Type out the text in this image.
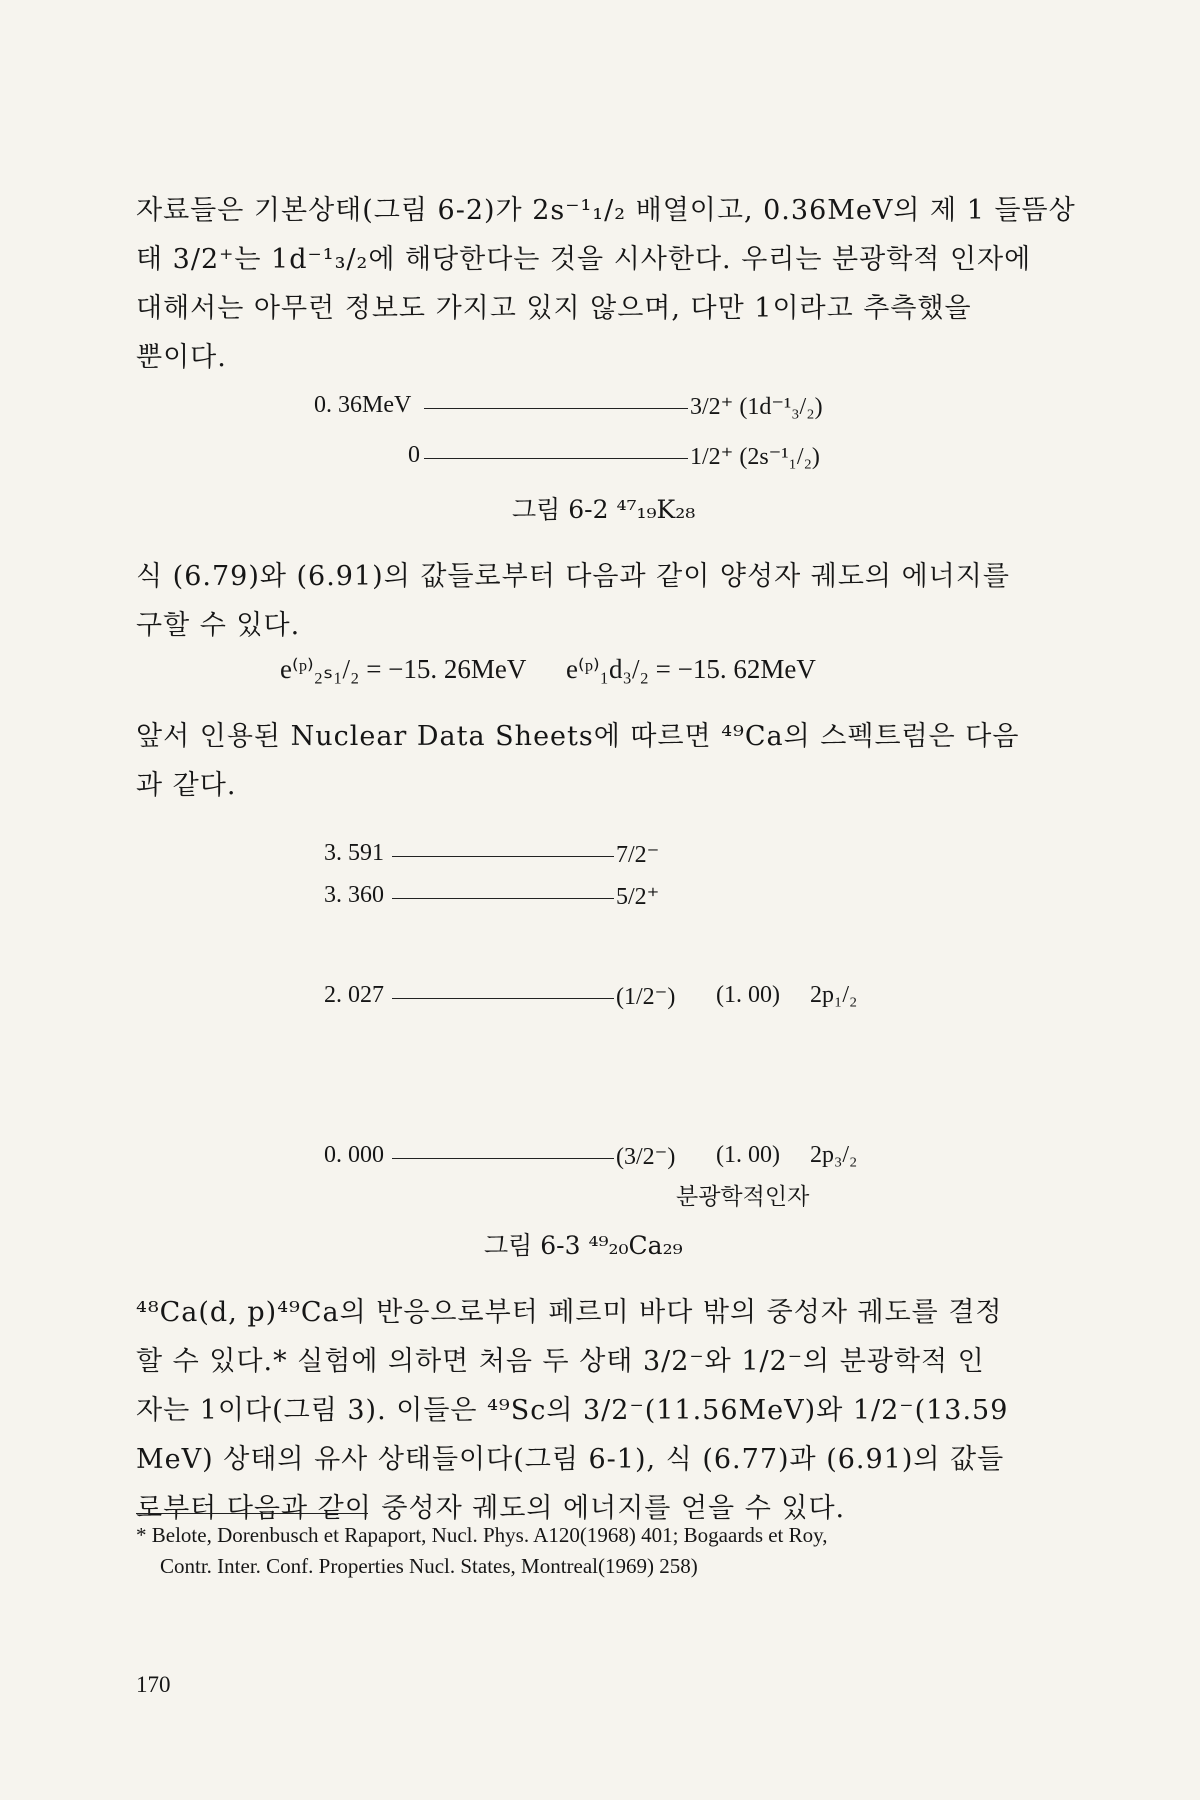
자료들은 기본상태(그림 6-2)가 2s⁻¹₁/₂ 배열이고, 0.36MeV의 제 1 들뜸상
태 3/2⁺는 1d⁻¹₃/₂에 해당한다는 것을 시사한다. 우리는 분광학적 인자에
대해서는 아무런 정보도 가지고 있지 않으며, 다만 1이라고 추측했을
뿐이다.
0. 36MeV	3/2⁺ (1d⁻¹₃/₂)
0	1/2⁺ (2s⁻¹₁/₂)
그림 6-2 ⁴⁷₁₉K₂₈
식 (6.79)와 (6.91)의 값들로부터 다음과 같이 양성자 궤도의 에너지를
구할 수 있다.
e⁽ᵖ⁾₂ₛ₁/₂ = −15. 26MeV e⁽ᵖ⁾₁d₃/₂ = −15. 62MeV
앞서 인용된 Nuclear Data Sheets에 따르면 ⁴⁹Ca의 스펙트럼은 다음
과 같다.
3. 591	7/2⁻
3. 360	5/2⁺
2. 027	(1/2⁻) (1. 00) 2p₁/₂
0. 000	(3/2⁻) (1. 00) 2p₃/₂
분광학적인자
그림 6-3 ⁴⁹₂₀Ca₂₉
⁴⁸Ca(d, p)⁴⁹Ca의 반응으로부터 페르미 바다 밖의 중성자 궤도를 결정
할 수 있다.* 실험에 의하면 처음 두 상태 3/2⁻와 1/2⁻의 분광학적 인
자는 1이다(그림 3). 이들은 ⁴⁹Sc의 3/2⁻(11.56MeV)와 1/2⁻(13.59
MeV) 상태의 유사 상태들이다(그림 6-1), 식 (6.77)과 (6.91)의 값들
로부터 다음과 같이 중성자 궤도의 에너지를 얻을 수 있다.
* Belote, Dorenbusch et Rapaport, Nucl. Phys. A120(1968) 401; Bogaards et Roy,
Contr. Inter. Conf. Properties Nucl. States, Montreal(1969) 258)
170
